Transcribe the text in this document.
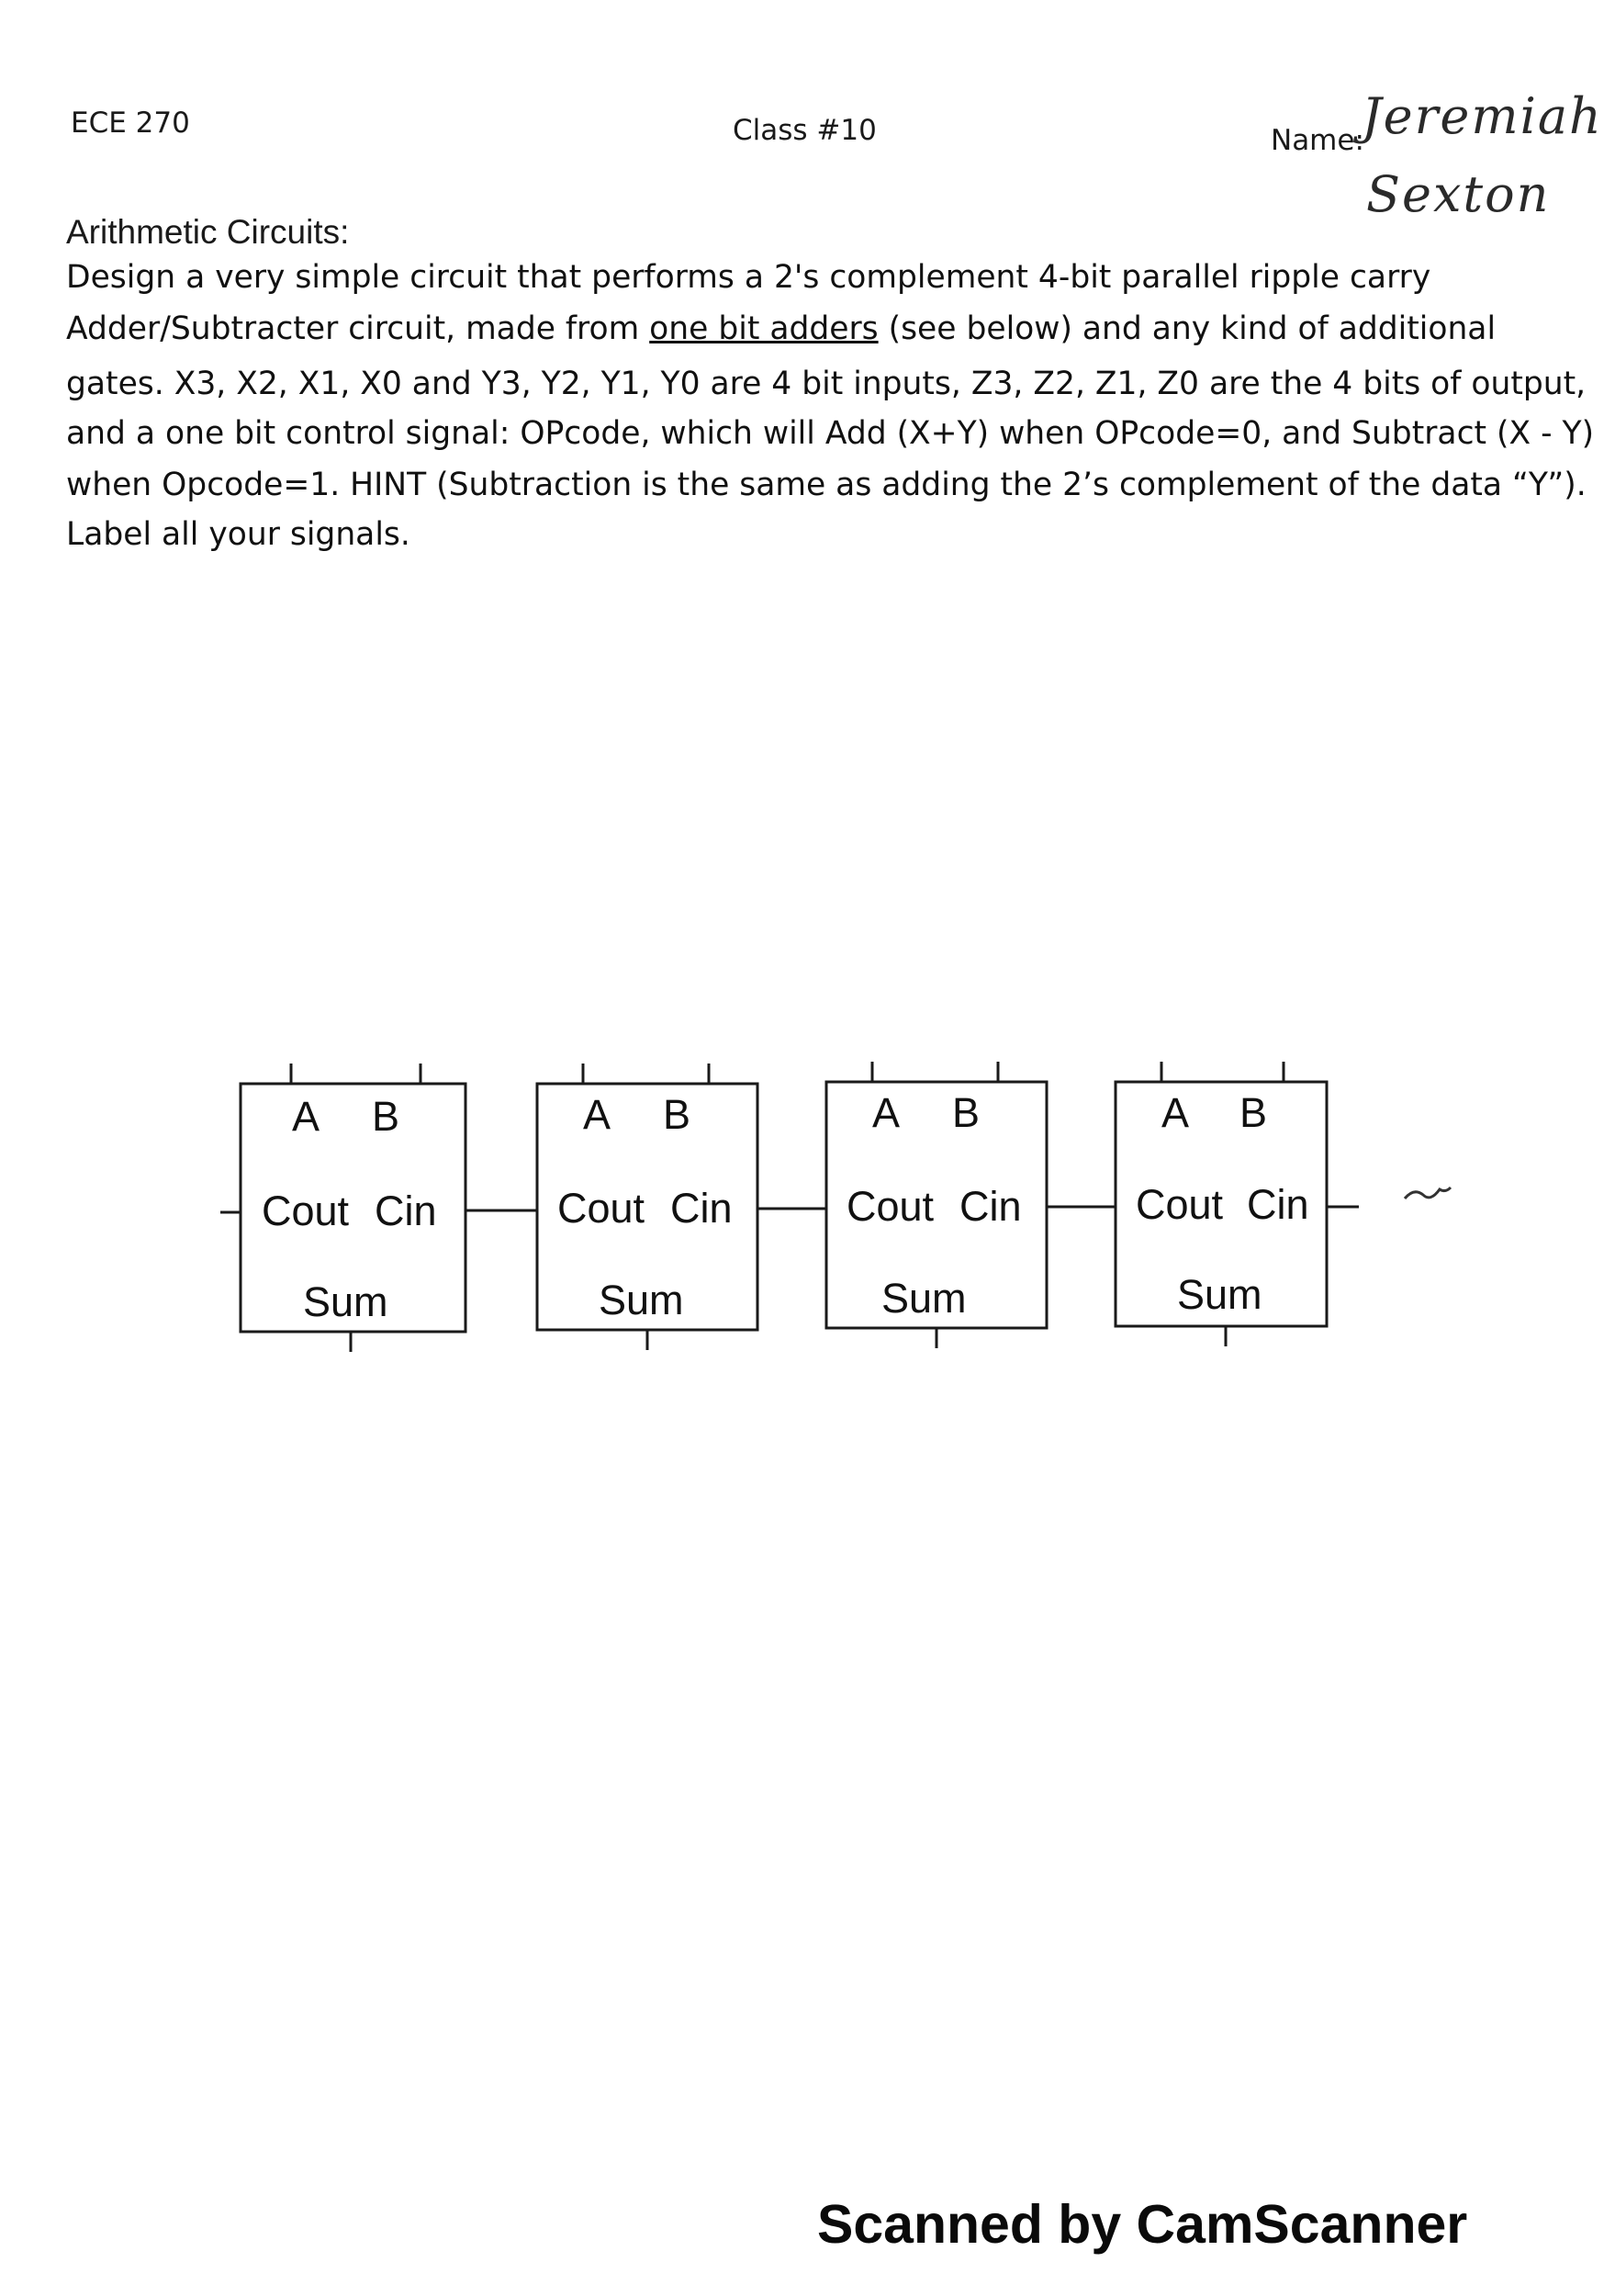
ECE 270	Class #10	Name:
Jeremiah
Sexton
Arithmetic Circuits:
Design a very simple circuit that performs a 2's complement 4-bit parallel ripple carry
Adder/Subtracter circuit, made from one bit adders (see below) and any kind of additional
gates. X3, X2, X1, X0 and Y3, Y2, Y1, Y0 are 4 bit inputs, Z3, Z2, Z1, Z0 are the 4 bits of output,
and a one bit control signal: OPcode, which will Add (X+Y) when OPcode=0, and Subtract (X - Y)
when Opcode=1. HINT (Subtraction is the same as adding the 2’s complement of the data “Y”).
Label all your signals.
A B
Cout Cin
Sum
A B
Cout Cin
Sum
A B
Cout Cin
Sum
A B
Cout Cin
Sum
Scanned by CamScanner
